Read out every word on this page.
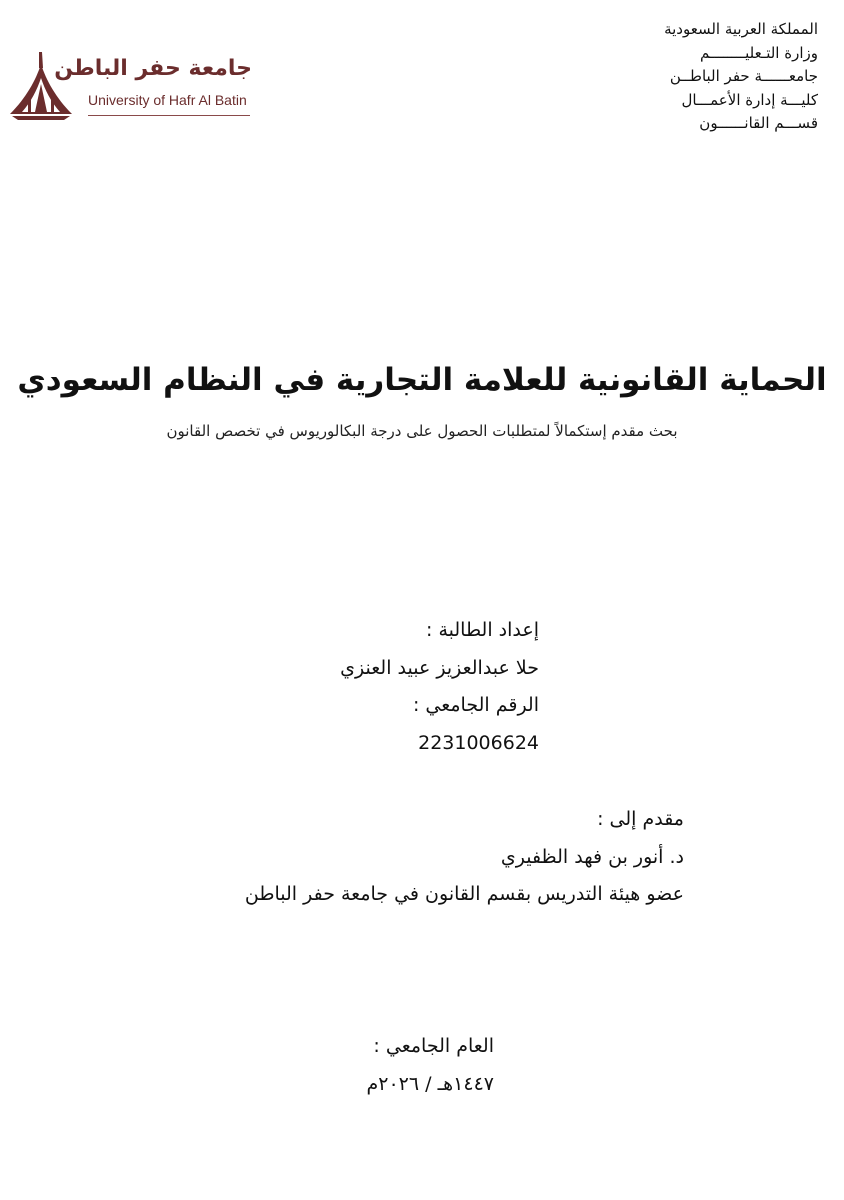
المملكة العربية السعودية
وزارة التـعليــــــــم
جامعــــــة حفر الباطــن
كليـــة إدارة الأعمـــال
قســـم القانــــــون
جامعة حفر الباطن
University of Hafr Al Batin
الحماية القانونية للعلامة التجارية في النظام السعودي
بحث مقدم إستكمالاً لمتطلبات الحصول على درجة البكالوريوس في تخصص القانون
إعداد الطالبة :
حلا عبدالعزيز عبيد العنزي
الرقم الجامعي :
2231006624
مقدم إلى :
د. أنور بن فهد الظفيري
عضو هيئة التدريس بقسم القانون في جامعة حفر الباطن
العام الجامعي :
١٤٤٧هـ / ٢٠٢٦م
